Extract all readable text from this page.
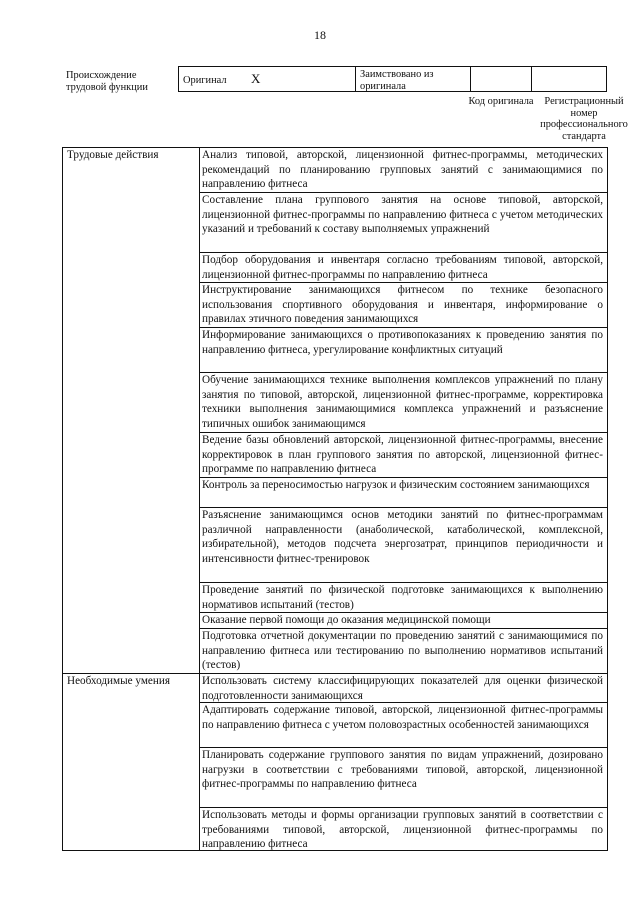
18
Происхождение трудовой функции
Оригинал X	Заимствовано из оригинала
Код оригинала	Регистрационный номер профессионального стандарта
Трудовые действия
Необходимые умения
Анализ типовой, авторской, лицензионной фитнес-программы, методических рекомендаций по планированию групповых занятий с занимающимися по направлению фитнеса
Составление плана группового занятия на основе типовой, авторской, лицензионной фитнес-программы по направлению фитнеса с учетом методических указаний и требований к составу выполняемых упражнений
Подбор оборудования и инвентаря согласно требованиям типовой, авторской, лицензионной фитнес-программы по направлению фитнеса
Инструктирование занимающихся фитнесом по технике безопасного использования спортивного оборудования и инвентаря, информирование о правилах этичного поведения занимающихся
Информирование занимающихся о противопоказаниях к проведению занятия по направлению фитнеса, урегулирование конфликтных ситуаций
Обучение занимающихся технике выполнения комплексов упражнений по плану занятия по типовой, авторской, лицензионной фитнес-программе, корректировка техники выполнения занимающимися комплекса упражнений и разъяснение типичных ошибок занимающимся
Ведение базы обновлений авторской, лицензионной фитнес-программы, внесение корректировок в план группового занятия по авторской, лицензионной фитнес-программе по направлению фитнеса
Контроль за переносимостью нагрузок и физическим состоянием занимающихся
Разъяснение занимающимся основ методики занятий по фитнес-программам различной направленности (анаболической, катаболической, комплексной, избирательной), методов подсчета энергозатрат, принципов периодичности и интенсивности фитнес-тренировок
Проведение занятий по физической подготовке занимающихся к выполнению нормативов испытаний (тестов)
Оказание первой помощи до оказания медицинской помощи
Подготовка отчетной документации по проведению занятий с занимающимися по направлению фитнеса или тестированию по выполнению нормативов испытаний (тестов)
Использовать систему классифицирующих показателей для оценки физической подготовленности занимающихся
Адаптировать содержание типовой, авторской, лицензионной фитнес-программы по направлению фитнеса с учетом половозрастных особенностей занимающихся
Планировать содержание группового занятия по видам упражнений, дозировано нагрузки в соответствии с требованиями типовой, авторской, лицензионной фитнес-программы по направлению фитнеса
Использовать методы и формы организации групповых занятий в соответствии с требованиями типовой, авторской, лицензионной фитнес-программы по направлению фитнеса
